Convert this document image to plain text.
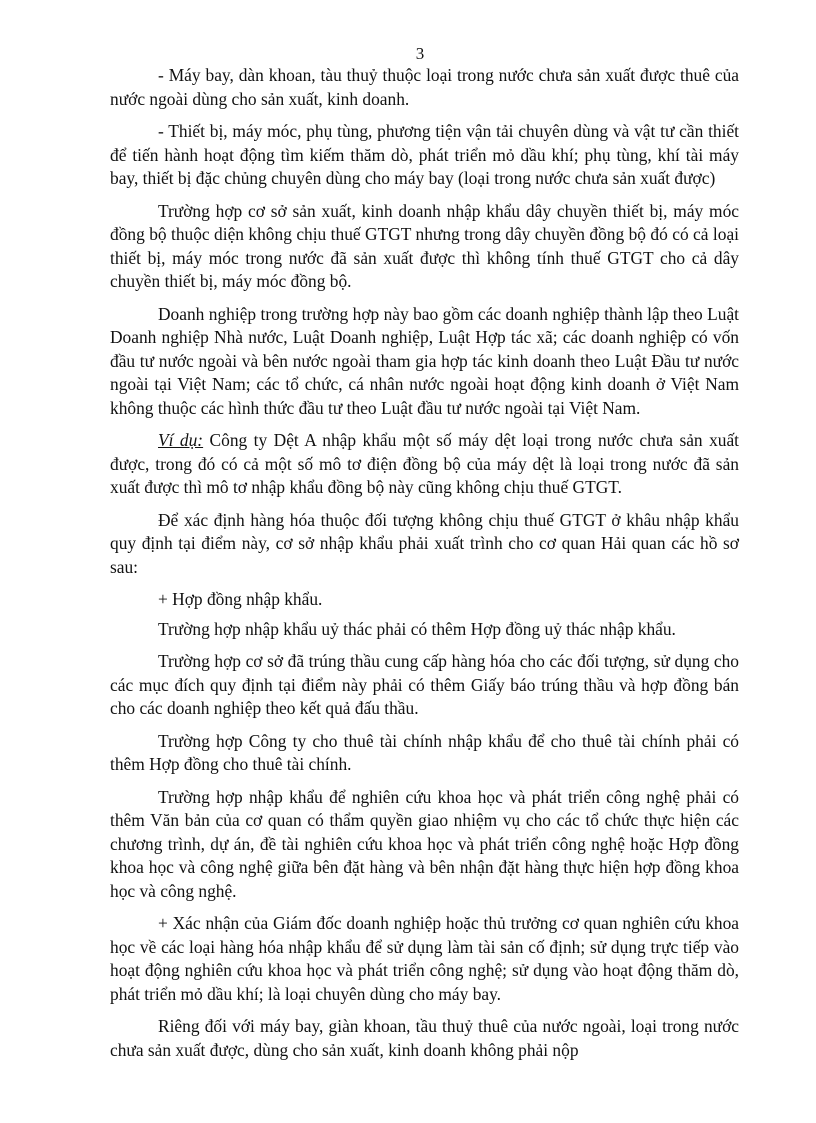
3

- Máy bay, dàn khoan, tàu thuỷ thuộc loại trong nước chưa sản xuất được thuê của nước ngoài dùng cho sản xuất, kinh doanh.

- Thiết bị, máy móc, phụ tùng, phương tiện vận tải chuyên dùng và vật tư cần thiết để tiến hành hoạt động tìm kiếm thăm dò, phát triển mỏ dầu khí; phụ tùng, khí tài máy bay, thiết bị đặc chủng chuyên dùng cho máy bay (loại trong nước chưa sản xuất được)

Trường hợp cơ sở sản xuất, kinh doanh nhập khẩu dây chuyền thiết bị, máy móc đồng bộ thuộc diện không chịu thuế GTGT nhưng trong dây chuyền đồng bộ đó có cả loại thiết bị, máy móc trong nước đã sản xuất được thì không tính thuế GTGT cho cả dây chuyền thiết bị, máy móc đồng bộ.

Doanh nghiệp trong trường hợp này bao gồm các doanh nghiệp thành lập theo Luật Doanh nghiệp Nhà nước, Luật Doanh nghiệp, Luật Hợp tác xã; các doanh nghiệp có vốn đầu tư nước ngoài và bên nước ngoài tham gia hợp tác kinh doanh theo Luật Đầu tư nước ngoài tại Việt Nam; các tổ chức, cá nhân nước ngoài hoạt động kinh doanh ở Việt Nam không thuộc các hình thức đầu tư theo Luật đầu tư nước ngoài tại Việt Nam.

Ví dụ: Công ty Dệt A nhập khẩu một số máy dệt loại trong nước chưa sản xuất được, trong đó có cả một số mô tơ điện đồng bộ của máy dệt là loại trong nước đã sản xuất được thì mô tơ nhập khẩu đồng bộ này cũng không chịu thuế GTGT.

Để xác định hàng hóa thuộc đối tượng không chịu thuế GTGT ở khâu nhập khẩu quy định tại điểm này, cơ sở nhập khẩu phải xuất trình cho cơ quan Hải quan các hồ sơ sau:

+ Hợp đồng nhập khẩu.

Trường hợp nhập khẩu uỷ thác phải có thêm Hợp đồng uỷ thác nhập khẩu.

Trường hợp cơ sở đã trúng thầu cung cấp hàng hóa cho các đối tượng, sử dụng cho các mục đích quy định tại điểm này phải có thêm Giấy báo trúng thầu và hợp đồng bán cho các doanh nghiệp theo kết quả đấu thầu.

Trường hợp Công ty cho thuê tài chính nhập khẩu để cho thuê tài chính phải có thêm Hợp đồng cho thuê tài chính.

Trường hợp nhập khẩu để nghiên cứu khoa học và phát triển công nghệ phải có thêm Văn bản của cơ quan có thẩm quyền giao nhiệm vụ cho các tổ chức thực hiện các chương trình, dự án, đề tài nghiên cứu khoa học và phát triển công nghệ hoặc Hợp đồng khoa học và công nghệ giữa bên đặt hàng và bên nhận đặt hàng thực hiện hợp đồng khoa học và công nghệ.

+ Xác nhận của Giám đốc doanh nghiệp hoặc thủ trưởng cơ quan nghiên cứu khoa học về các loại hàng hóa nhập khẩu để sử dụng làm tài sản cố định; sử dụng trực tiếp vào hoạt động nghiên cứu khoa học và phát triển công nghệ; sử dụng vào hoạt động thăm dò, phát triển mỏ dầu khí; là loại chuyên dùng cho máy bay.

Riêng đối với máy bay, giàn khoan, tầu thuỷ thuê của nước ngoài, loại trong nước chưa sản xuất được, dùng cho sản xuất, kinh doanh không phải nộp
